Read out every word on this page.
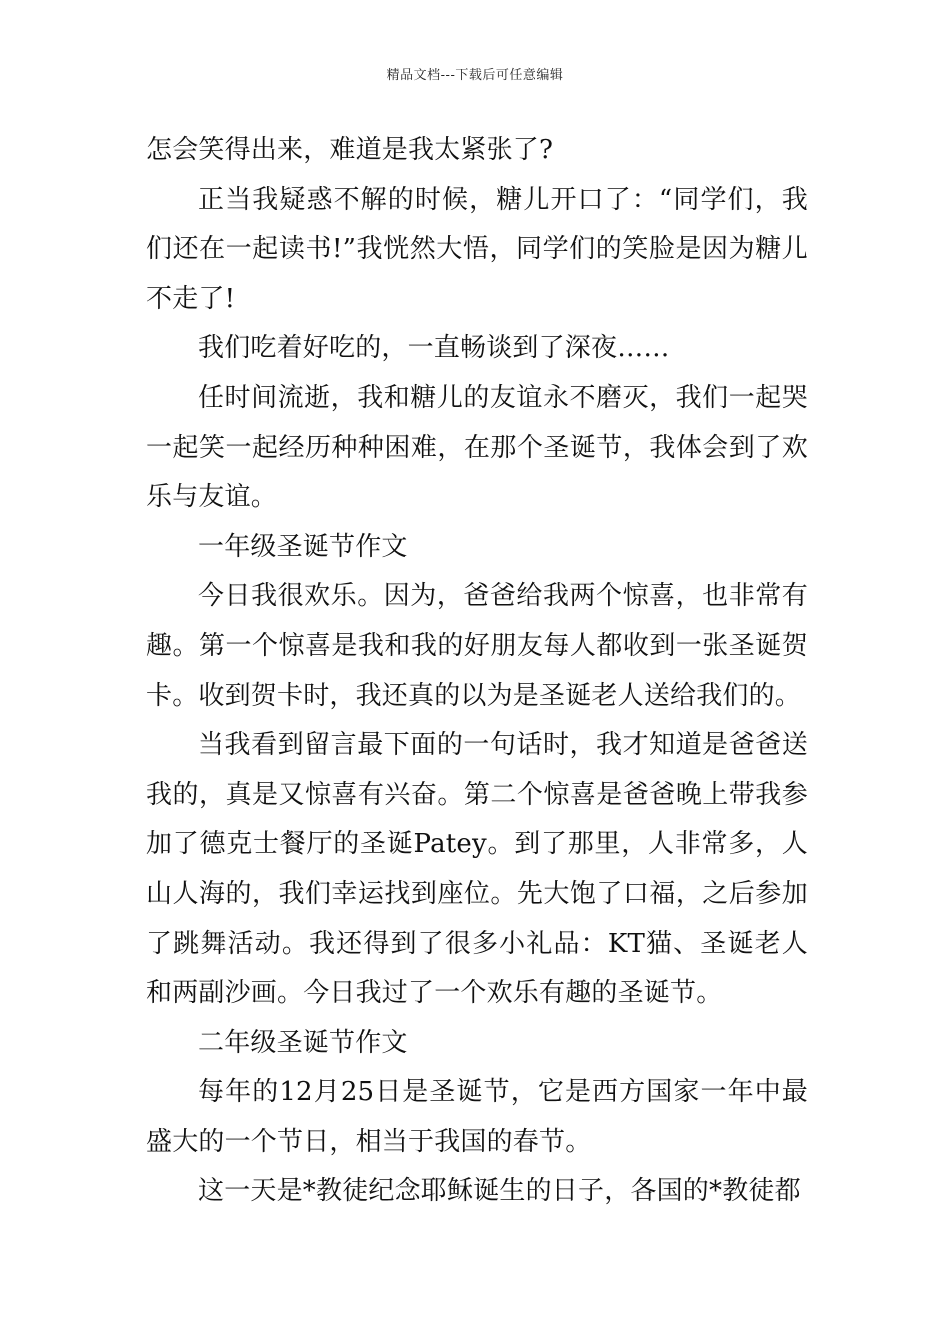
精品文档---下载后可任意编辑

怎会笑得出来，难道是我太紧张了?

正当我疑惑不解的时候，糖儿开口了：“同学们，我们还在一起读书!”我恍然大悟，同学们的笑脸是因为糖儿不走了!

我们吃着好吃的，一直畅谈到了深夜……

任时间流逝，我和糖儿的友谊永不磨灭，我们一起哭一起笑一起经历种种困难，在那个圣诞节，我体会到了欢乐与友谊。

一年级圣诞节作文

今日我很欢乐。因为，爸爸给我两个惊喜，也非常有趣。第一个惊喜是我和我的好朋友每人都收到一张圣诞贺卡。收到贺卡时，我还真的以为是圣诞老人送给我们的。

当我看到留言最下面的一句话时，我才知道是爸爸送我的，真是又惊喜有兴奋。第二个惊喜是爸爸晚上带我参加了德克士餐厅的圣诞Patey。到了那里，人非常多，人山人海的，我们幸运找到座位。先大饱了口福，之后参加了跳舞活动。我还得到了很多小礼品：KT猫、圣诞老人和两副沙画。今日我过了一个欢乐有趣的圣诞节。

二年级圣诞节作文

每年的12月25日是圣诞节，它是西方国家一年中最盛大的一个节日，相当于我国的春节。

这一天是*教徒纪念耶稣诞生的日子，各国的*教徒都
